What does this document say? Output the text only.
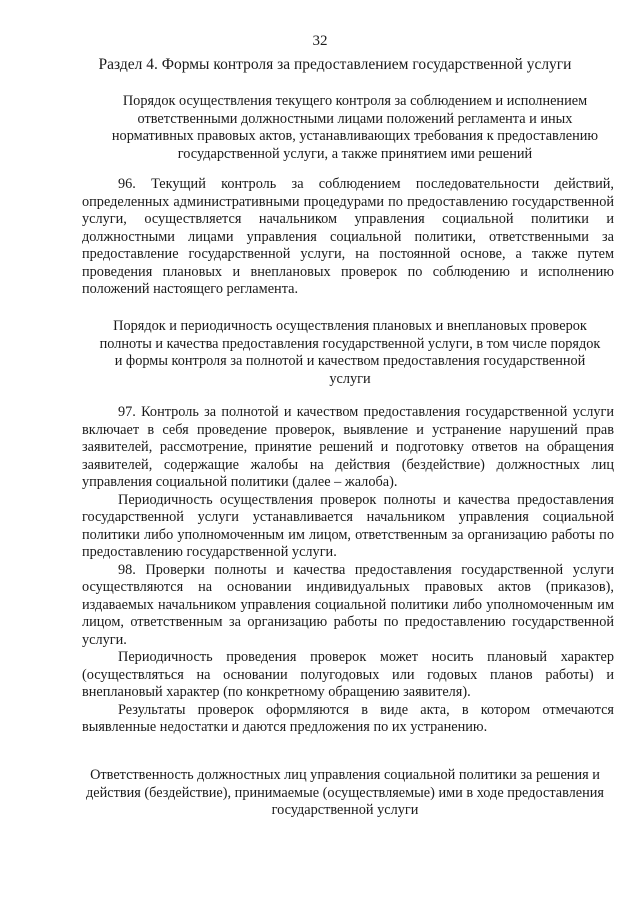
32
Раздел 4. Формы контроля за предоставлением государственной услуги
Порядок осуществления текущего контроля за соблюдением и исполнением ответственными должностными лицами положений регламента и иных нормативных правовых актов, устанавливающих требования к предоставлению государственной услуги, а также принятием ими решений

96. Текущий контроль за соблюдением последовательности действий, определенных административными процедурами по предоставлению государственной услуги, осуществляется начальником управления социальной политики и должностными лицами управления социальной политики, ответственными за предоставление государственной услуги, на постоянной основе, а также путем проведения плановых и внеплановых проверок по соблюдению и исполнению положений настоящего регламента.

Порядок и периодичность осуществления плановых и внеплановых проверок полноты и качества предоставления государственной услуги, в том числе порядок и формы контроля за полнотой и качеством предоставления государственной услуги

97. Контроль за полнотой и качеством предоставления государственной услуги включает в себя проведение проверок, выявление и устранение нарушений прав заявителей, рассмотрение, принятие решений и подготовку ответов на обращения заявителей, содержащие жалобы на действия (бездействие) должностных лиц управления социальной политики (далее – жалоба).

Периодичность осуществления проверок полноты и качества предоставления государственной услуги устанавливается начальником управления социальной политики либо уполномоченным им лицом, ответственным за организацию работы по предоставлению государственной услуги.

98. Проверки полноты и качества предоставления государственной услуги осуществляются на основании индивидуальных правовых актов (приказов), издаваемых начальником управления социальной политики либо уполномоченным им лицом, ответственным за организацию работы по предоставлению государственной услуги.

Периодичность проведения проверок может носить плановый характер (осуществляться на основании полугодовых или годовых планов работы) и внеплановый характер (по конкретному обращению заявителя).

Результаты проверок оформляются в виде акта, в котором отмечаются выявленные недостатки и даются предложения по их устранению.

Ответственность должностных лиц управления социальной политики за решения и действия (бездействие), принимаемые (осуществляемые) ими в ходе предоставления государственной услуги
